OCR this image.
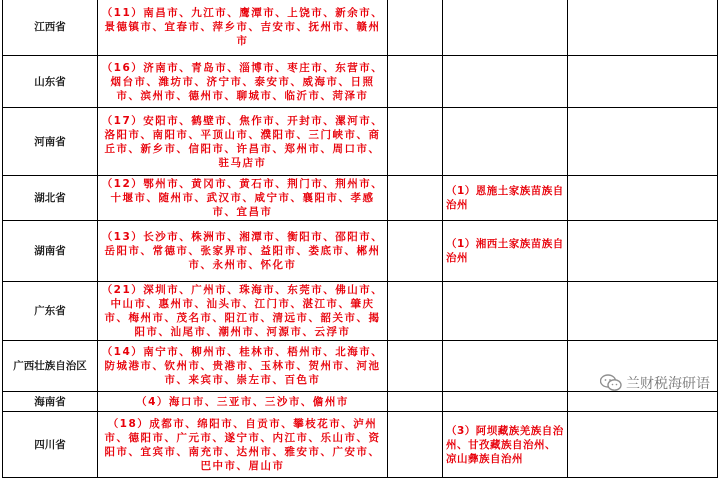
江西省	（11）南昌市、九江市、鹰潭市、上饶市、新余市、景德镇市、宜春市、萍乡市、吉安市、抚州市、赣州市			
山东省	（16）济南市、青岛市、淄博市、枣庄市、东营市、烟台市、潍坊市、济宁市、泰安市、威海市、日照市、滨州市、德州市、聊城市、临沂市、菏泽市			
河南省	（17）安阳市、鹤壁市、焦作市、开封市、漯河市、洛阳市、南阳市、平顶山市、濮阳市、三门峡市、商丘市、新乡市、信阳市、许昌市、郑州市、周口市、驻马店市			
湖北省	（12）鄂州市、黄冈市、黄石市、荆门市、荆州市、十堰市、随州市、武汉市、咸宁市、襄阳市、孝感市、宜昌市		（1）恩施土家族苗族自治州	
湖南省	（13）长沙市、株洲市、湘潭市、衡阳市、邵阳市、岳阳市、常德市、张家界市、益阳市、娄底市、郴州市、永州市、怀化市		（1）湘西土家族苗族自治州	
广东省	（21）深圳市、广州市、珠海市、东莞市、佛山市、中山市、惠州市、汕头市、江门市、湛江市、肇庆市、梅州市、茂名市、阳江市、清远市、韶关市、揭阳市、汕尾市、潮州市、河源市、云浮市			
广西壮族自治区	（14）南宁市、柳州市、桂林市、梧州市、北海市、防城港市、钦州市、贵港市、玉林市、贺州市、河池市、来宾市、崇左市、百色市			
海南省	（4）海口市、三亚市、三沙市、儋州市			
四川省	（18）成都市、绵阳市、自贡市、攀枝花市、泸州市、德阳市、广元市、遂宁市、内江市、乐山市、资阳市、宜宾市、南充市、达州市、雅安市、广安市、巴中市、眉山市		（3）阿坝藏族羌族自治州、甘孜藏族自治州、凉山彝族自治州	
兰财税海研语
